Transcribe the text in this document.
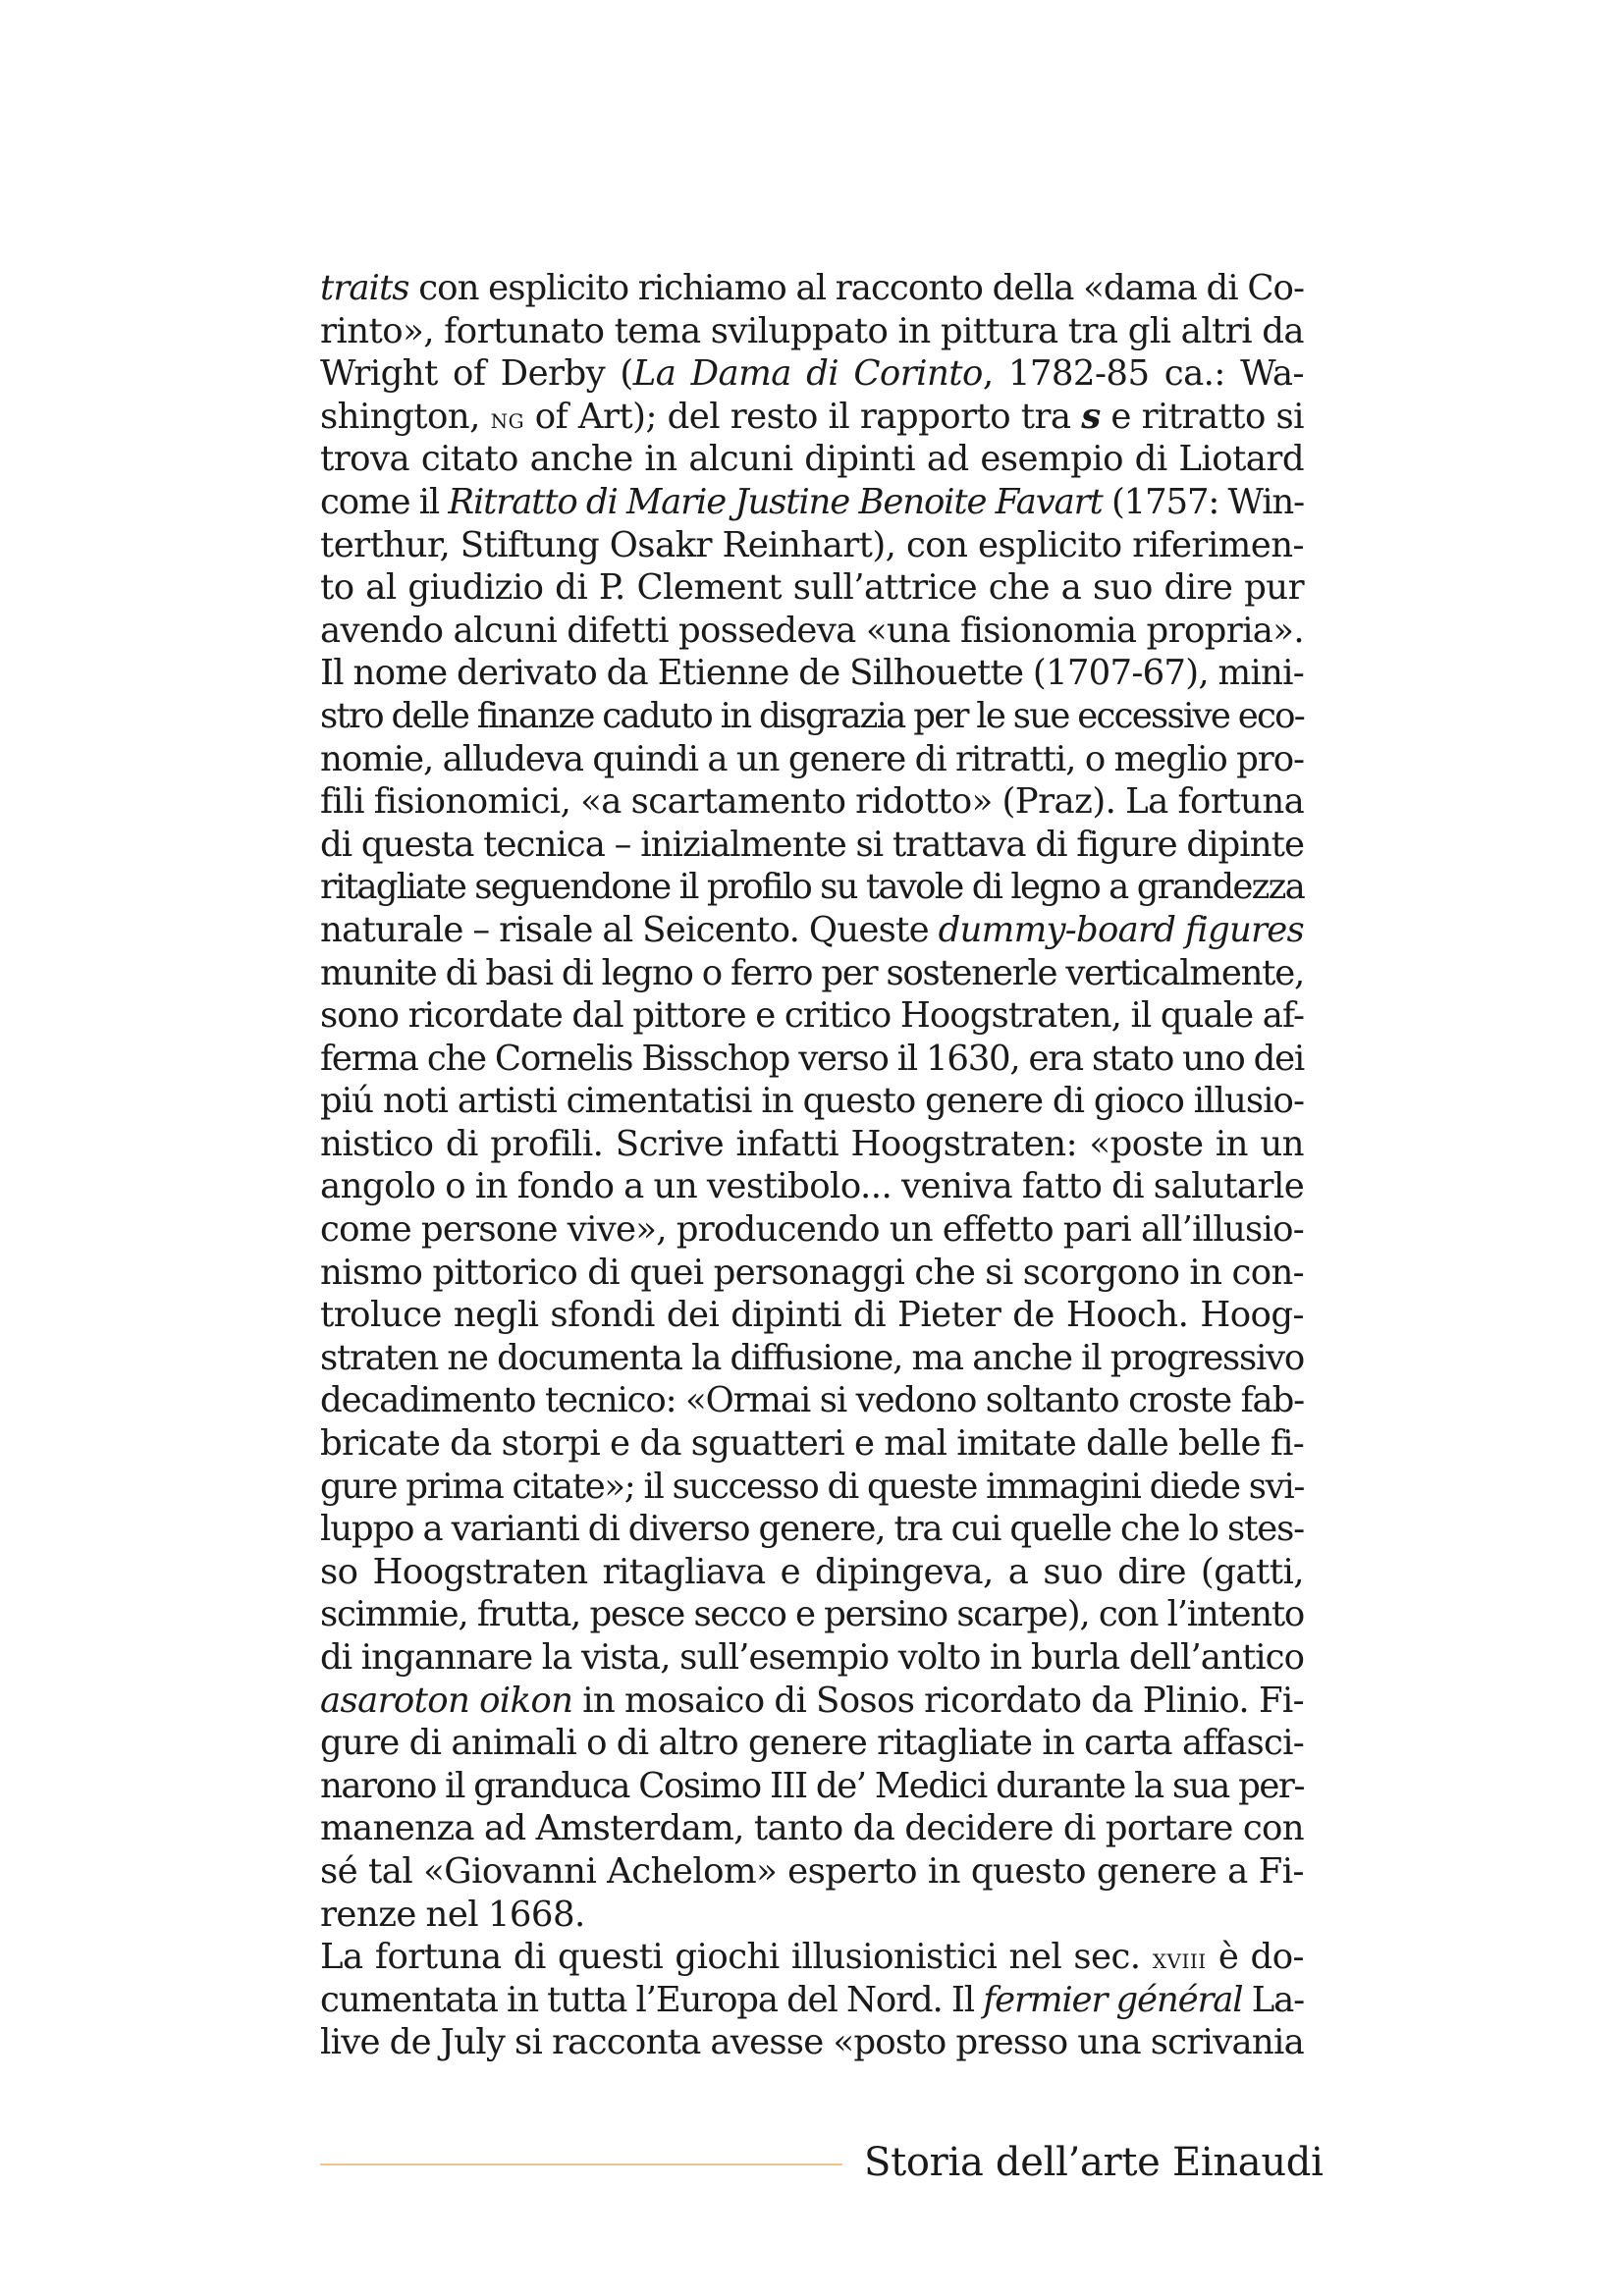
traits con esplicito richiamo al racconto della «dama di Co-
rinto», fortunato tema sviluppato in pittura tra gli altri da
Wright of Derby (La Dama di Corinto, 1782-85 ca.: Wa-
shington, ng of Art); del resto il rapporto tra s e ritratto si
trova citato anche in alcuni dipinti ad esempio di Liotard
come il Ritratto di Marie Justine Benoite Favart (1757: Win-
terthur, Stiftung Osakr Reinhart), con esplicito riferimen-
to al giudizio di P. Clement sull’attrice che a suo dire pur
avendo alcuni difetti possedeva «una fisionomia propria».
Il nome derivato da Etienne de Silhouette (1707-67), mini-
stro delle finanze caduto in disgrazia per le sue eccessive eco-
nomie, alludeva quindi a un genere di ritratti, o meglio pro-
fili fisionomici, «a scartamento ridotto» (Praz). La fortuna
di questa tecnica – inizialmente si trattava di figure dipinte
ritagliate seguendone il profilo su tavole di legno a grandezza
naturale – risale al Seicento. Queste dummy-board figures
munite di basi di legno o ferro per sostenerle verticalmente,
sono ricordate dal pittore e critico Hoogstraten, il quale af-
ferma che Cornelis Bisschop verso il 1630, era stato uno dei
piú noti artisti cimentatisi in questo genere di gioco illusio-
nistico di profili. Scrive infatti Hoogstraten: «poste in un
angolo o in fondo a un vestibolo... veniva fatto di salutarle
come persone vive», producendo un effetto pari all’illusio-
nismo pittorico di quei personaggi che si scorgono in con-
troluce negli sfondi dei dipinti di Pieter de Hooch. Hoog-
straten ne documenta la diffusione, ma anche il progressivo
decadimento tecnico: «Ormai si vedono soltanto croste fab-
bricate da storpi e da sguatteri e mal imitate dalle belle fi-
gure prima citate»; il successo di queste immagini diede svi-
luppo a varianti di diverso genere, tra cui quelle che lo stes-
so Hoogstraten ritagliava e dipingeva, a suo dire (gatti,
scimmie, frutta, pesce secco e persino scarpe), con l’intento
di ingannare la vista, sull’esempio volto in burla dell’antico
asaroton oikon in mosaico di Sosos ricordato da Plinio. Fi-
gure di animali o di altro genere ritagliate in carta affasci-
narono il granduca Cosimo III de’ Medici durante la sua per-
manenza ad Amsterdam, tanto da decidere di portare con
sé tal «Giovanni Achelom» esperto in questo genere a Fi-
renze nel 1668.
La fortuna di questi giochi illusionistici nel sec. xviii è do-
cumentata in tutta l’Europa del Nord. Il fermier général La-
live de July si racconta avesse «posto presso una scrivania
Storia dell’arte Einaudi
